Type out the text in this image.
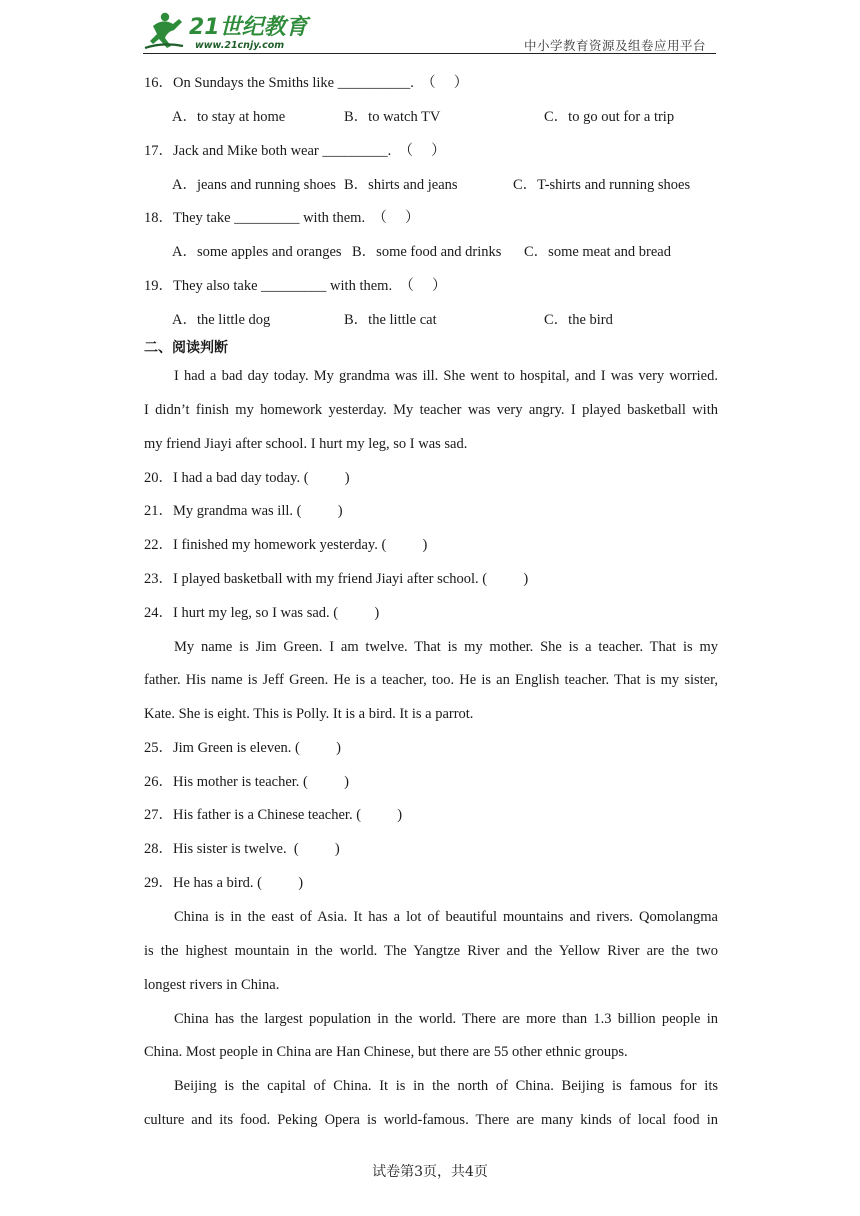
21世纪教育
www.21cnjy.com	中小学教育资源及组卷应用平台
16．On Sundays the Smiths like __________.  （     ）
A．to stay at home	B．to watch TV	C．to go out for a trip
17．Jack and Mike both wear _________.  （     ）
A．jeans and running shoes B．shirts and jeans	C．T-shirts and running shoes
18．They take _________ with them.  （     ）
A．some apples and oranges B．some food and drinks C．some meat and bread
19．They also take _________ with them.  （     ）
A．the little dog	B．the little cat	C．the bird
二、阅读判断
I had a bad day today. My grandma was ill. She went to hospital, and I was very worried.
I didn’t finish my homework yesterday. My teacher was very angry. I played basketball with
my friend Jiayi after school. I hurt my leg, so I was sad.
20．I had a bad day today. (          )
21．My grandma was ill. (          )
22．I finished my homework yesterday. (          )
23．I played basketball with my friend Jiayi after school. (          )
24．I hurt my leg, so I was sad. (          )
My name is Jim Green. I am twelve. That is my mother. She is a teacher. That is my
father. His name is Jeff Green. He is a teacher, too. He is an English teacher. That is my sister,
Kate. She is eight. This is Polly. It is a bird. It is a parrot.
25．Jim Green is eleven. (          )
26．His mother is teacher. (          )
27．His father is a Chinese teacher. (          )
28．His sister is twelve.  (          )
29．He has a bird. (          )
China is in the east of Asia. It has a lot of beautiful mountains and rivers. Qomolangma
is the highest mountain in the world. The Yangtze River and the Yellow River are the two
longest rivers in China.
China has the largest population in the world. There are more than 1.3 billion people in
China. Most people in China are Han Chinese, but there are 55 other ethnic groups.
Beijing is the capital of China. It is in the north of China. Beijing is famous for its
culture and its food. Peking Opera is world-famous. There are many kinds of local food in
试卷第3页，共4页
